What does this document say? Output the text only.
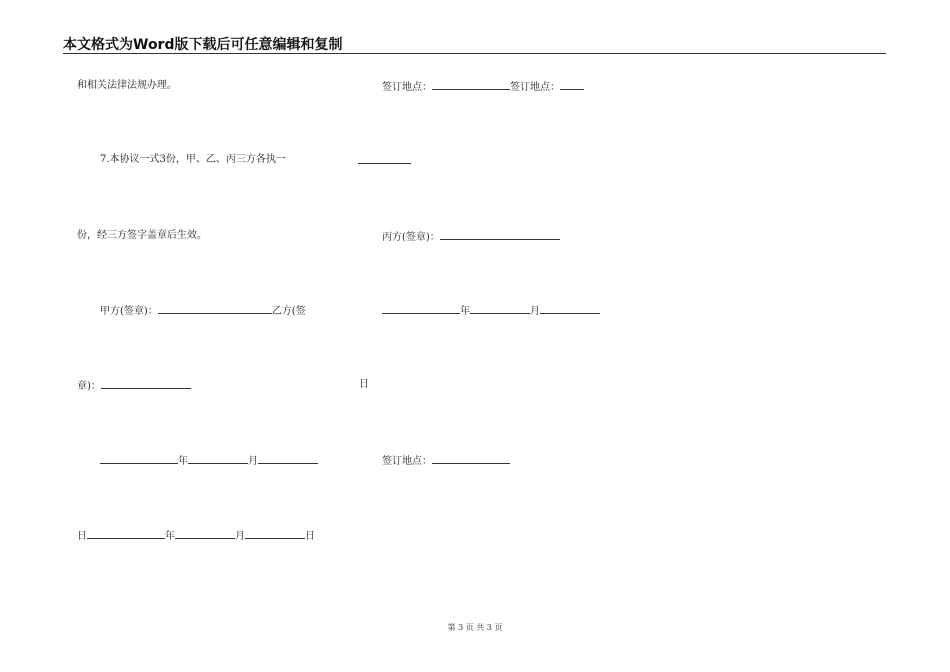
本文格式为Word版下载后可任意编辑和复制
和相关法律法规办理。
7.本协议一式3份，甲、乙、丙三方各执一
份，经三方签字盖章后生效。
甲方(签章)：	乙方(签
章)：
年	月
日	年	月	日
签订地点：	签订地点：
丙方(签章)：
年	月
日
签订地点：
第 3 页 共 3 页
